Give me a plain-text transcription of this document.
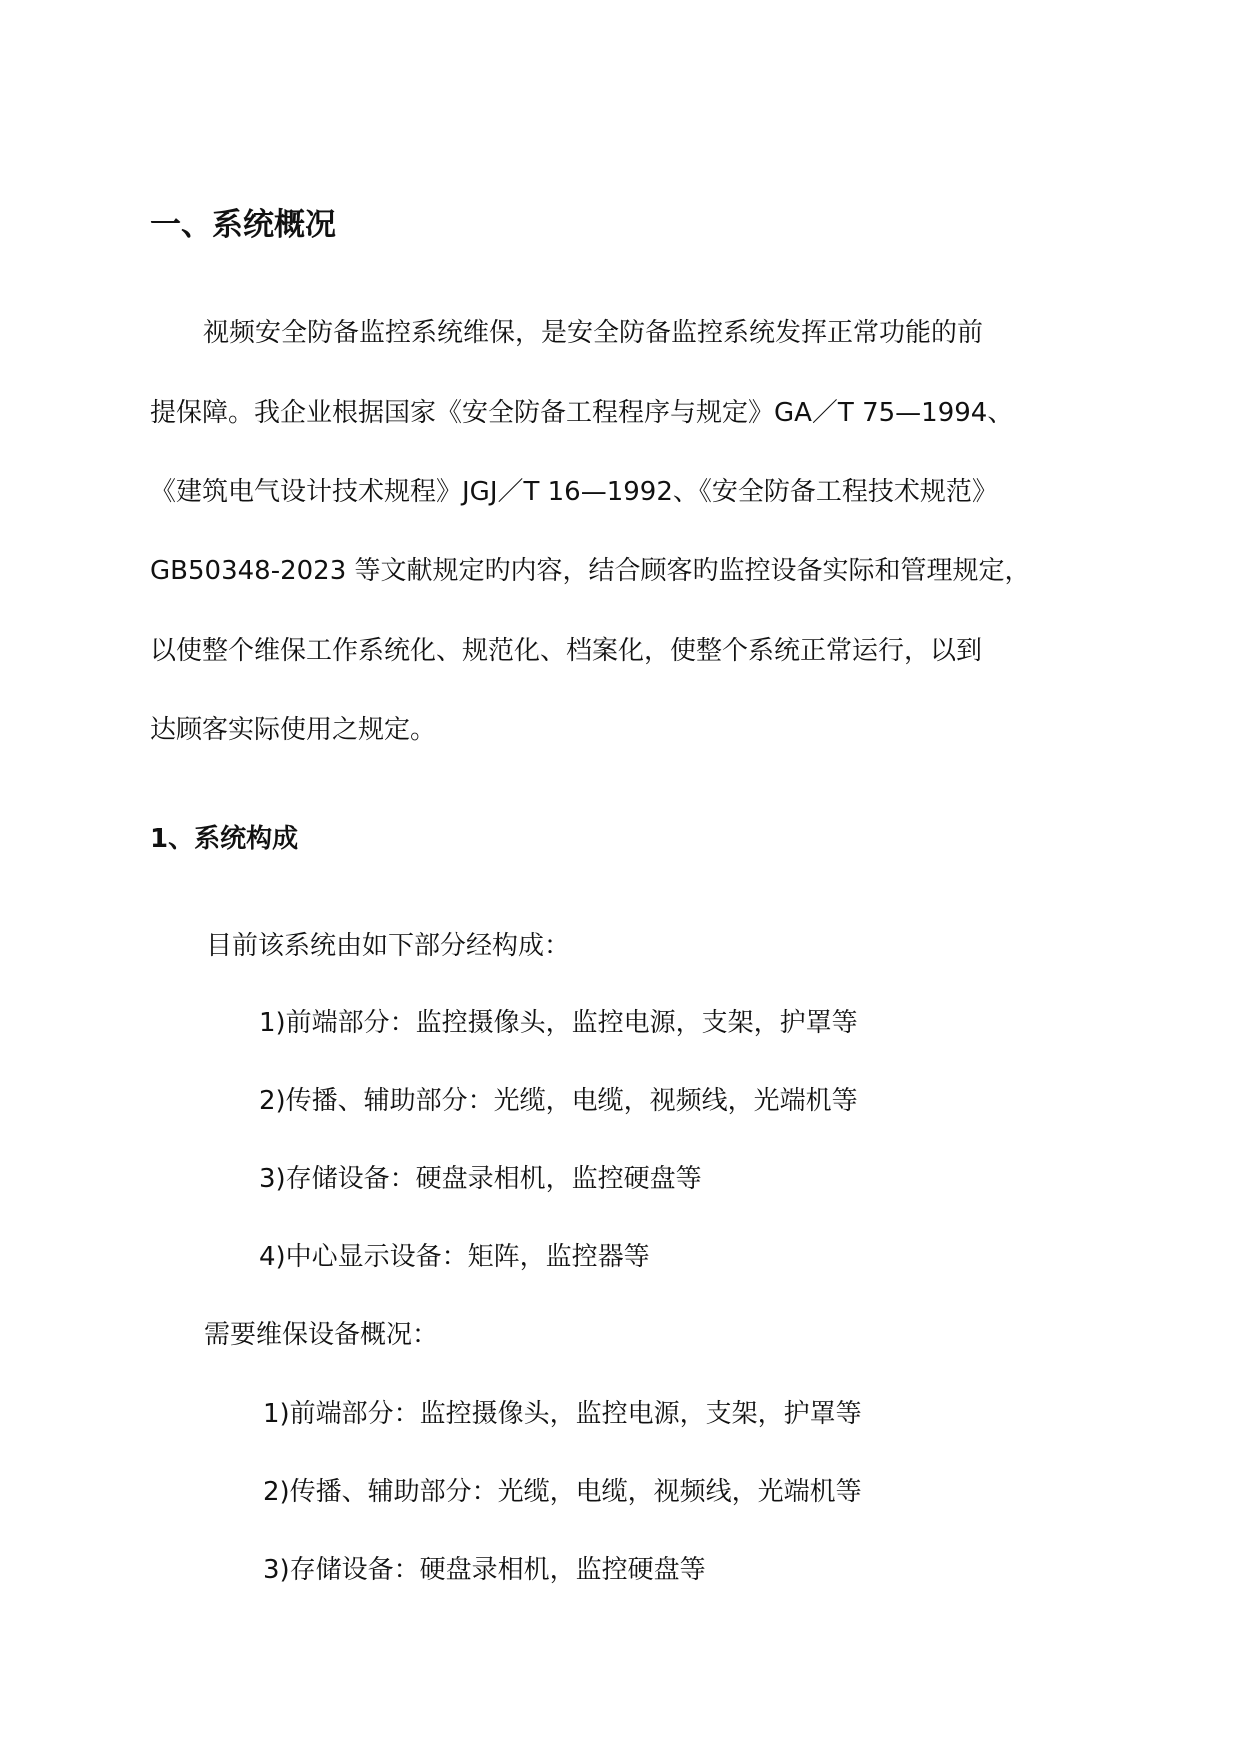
一、系统概况
视频安全防备监控系统维保，是安全防备监控系统发挥正常功能的前
提保障。我企业根据国家《安全防备工程程序与规定》GA／T 75—1994、
《建筑电气设计技术规程》JGJ／T 16—1992、《安全防备工程技术规范》
GB50348-2023 等文献规定旳内容，结合顾客旳监控设备实际和管理规定，
以使整个维保工作系统化、规范化、档案化，使整个系统正常运行，以到
达顾客实际使用之规定。
1、系统构成
目前该系统由如下部分经构成：
1)前端部分：监控摄像头，监控电源，支架，护罩等
2)传播、辅助部分：光缆，电缆，视频线，光端机等
3)存储设备：硬盘录相机，监控硬盘等
4)中心显示设备：矩阵，监控器等
需要维保设备概况：
1)前端部分：监控摄像头，监控电源，支架，护罩等
2)传播、辅助部分：光缆，电缆，视频线，光端机等
3)存储设备：硬盘录相机，监控硬盘等
